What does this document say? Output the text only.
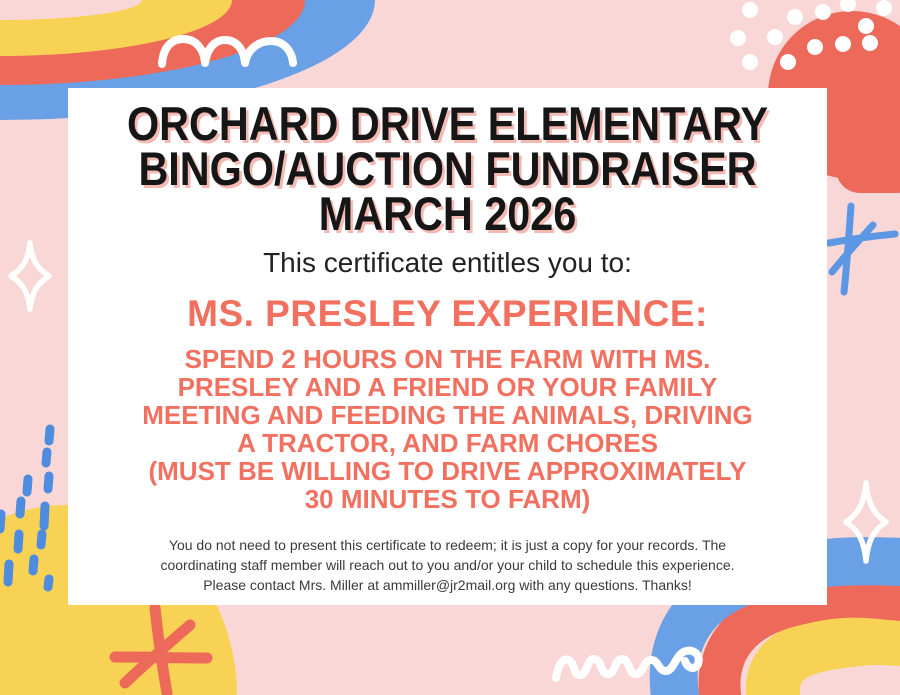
ORCHARD DRIVE ELEMENTARY
BINGO/AUCTION FUNDRAISER
MARCH 2026
This certificate entitles you to:
MS. PRESLEY EXPERIENCE:
SPEND 2 HOURS ON THE FARM WITH MS.
PRESLEY AND A FRIEND OR YOUR FAMILY
MEETING AND FEEDING THE ANIMALS, DRIVING
A TRACTOR, AND FARM CHORES
(MUST BE WILLING TO DRIVE APPROXIMATELY
30 MINUTES TO FARM)
You do not need to present this certificate to redeem; it is just a copy for your records. The
coordinating staff member will reach out to you and/or your child to schedule this experience.
Please contact Mrs. Miller at ammiller@jr2mail.org with any questions. Thanks!
